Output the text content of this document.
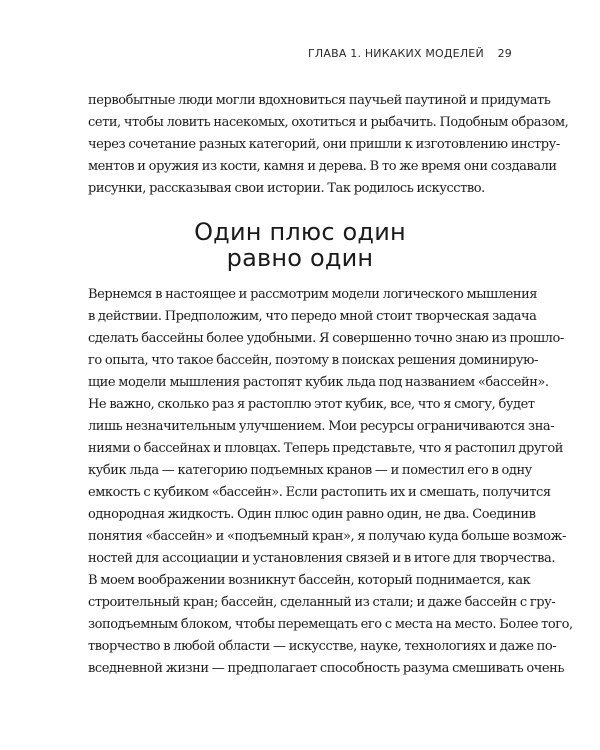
ГЛАВА 1. НИКАКИХ МОДЕЛЕЙ 29
первобытные люди могли вдохновиться паучьей паутиной и придумать
сети, чтобы ловить насекомых, охотиться и рыбачить. Подобным образом,
через сочетание разных категорий, они пришли к изготовлению инстру-
ментов и оружия из кости, камня и дерева. В то же время они создавали
рисунки, рассказывая свои истории. Так родилось искусство.
Один плюс один
равно один
Вернемся в настоящее и рассмотрим модели логического мышления
в действии. Предположим, что передо мной стоит творческая задача
сделать бассейны более удобными. Я совершенно точно знаю из прошло-
го опыта, что такое бассейн, поэтому в поисках решения доминирую-
щие модели мышления растопят кубик льда под названием «бассейн».
Не важно, сколько раз я растоплю этот кубик, все, что я смогу, будет
лишь незначительным улучшением. Мои ресурсы ограничиваются зна-
ниями о бассейнах и пловцах. Теперь представьте, что я растопил другой
кубик льда — категорию подъемных кранов — и поместил его в одну
емкость с кубиком «бассейн». Если растопить их и смешать, получится
однородная жидкость. Один плюс один равно один, не два. Соединив
понятия «бассейн» и «подъемный кран», я получаю куда больше возмож-
ностей для ассоциации и установления связей и в итоге для творчества.
В моем воображении возникнут бассейн, который поднимается, как
строительный кран; бассейн, сделанный из стали; и даже бассейн с гру-
зоподъемным блоком, чтобы перемещать его с места на место. Более того,
творчество в любой области — искусстве, науке, технологиях и даже по-
вседневной жизни — предполагает способность разума смешивать очень
